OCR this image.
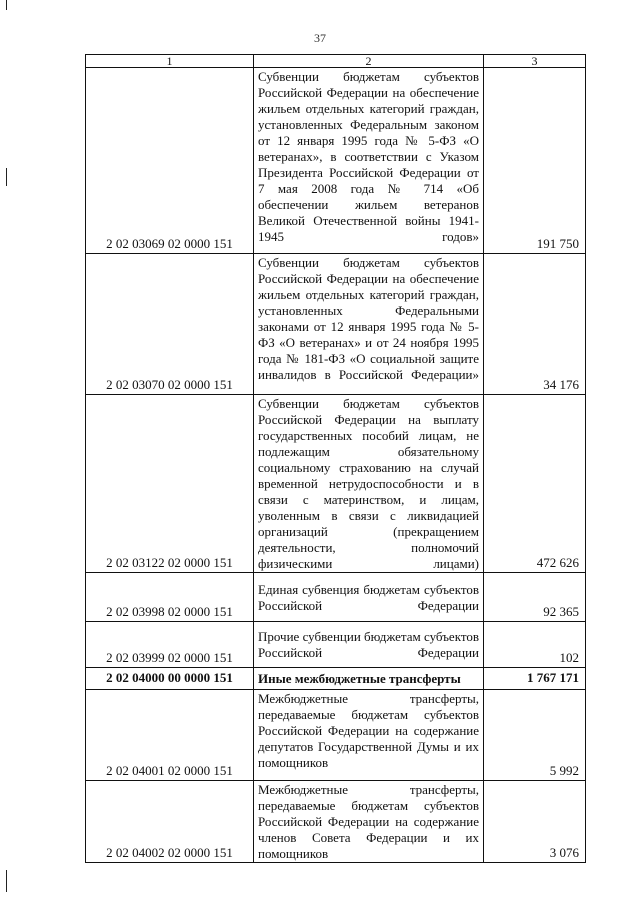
37
1	2	3
2 02 03069 02 0000 151	Субвенции бюджетам субъектов Российской Федерации на обеспечение жильем отдельных категорий граждан, установленных Федеральным законом от 12 января 1995 года № 5-ФЗ «О ветеранах», в соответствии с Указом Президента Российской Федерации от 7 мая 2008 года № 714 «Об обеспечении жильем ветеранов Великой Отечественной войны 1941-1945 годов»	191 750
2 02 03070 02 0000 151	Субвенции бюджетам субъектов Российской Федерации на обеспечение жильем отдельных категорий граждан, установленных Федеральными законами от 12 января 1995 года № 5-ФЗ «О ветеранах» и от 24 ноября 1995 года № 181-ФЗ «О социальной защите инвалидов в Российской Федерации»	34 176
2 02 03122 02 0000 151	Субвенции бюджетам субъектов Российской Федерации на выплату государственных пособий лицам, не подлежащим обязательному социальному страхованию на случай временной нетрудоспособности и в связи с материнством, и лицам, уволенным в связи с ликвидацией организаций (прекращением деятельности, полномочий физическими лицами)	472 626
2 02 03998 02 0000 151	Единая субвенция бюджетам субъектов Российской Федерации	92 365
2 02 03999 02 0000 151	Прочие субвенции бюджетам субъектов Российской Федерации	102
2 02 04000 00 0000 151	Иные межбюджетные трансферты	1 767 171
2 02 04001 02 0000 151	Межбюджетные трансферты, передаваемые бюджетам субъектов Российской Федерации на содержание депутатов Государственной Думы и их помощников	5 992
2 02 04002 02 0000 151	Межбюджетные трансферты, передаваемые бюджетам субъектов Российской Федерации на содержание членов Совета Федерации и их помощников	3 076
